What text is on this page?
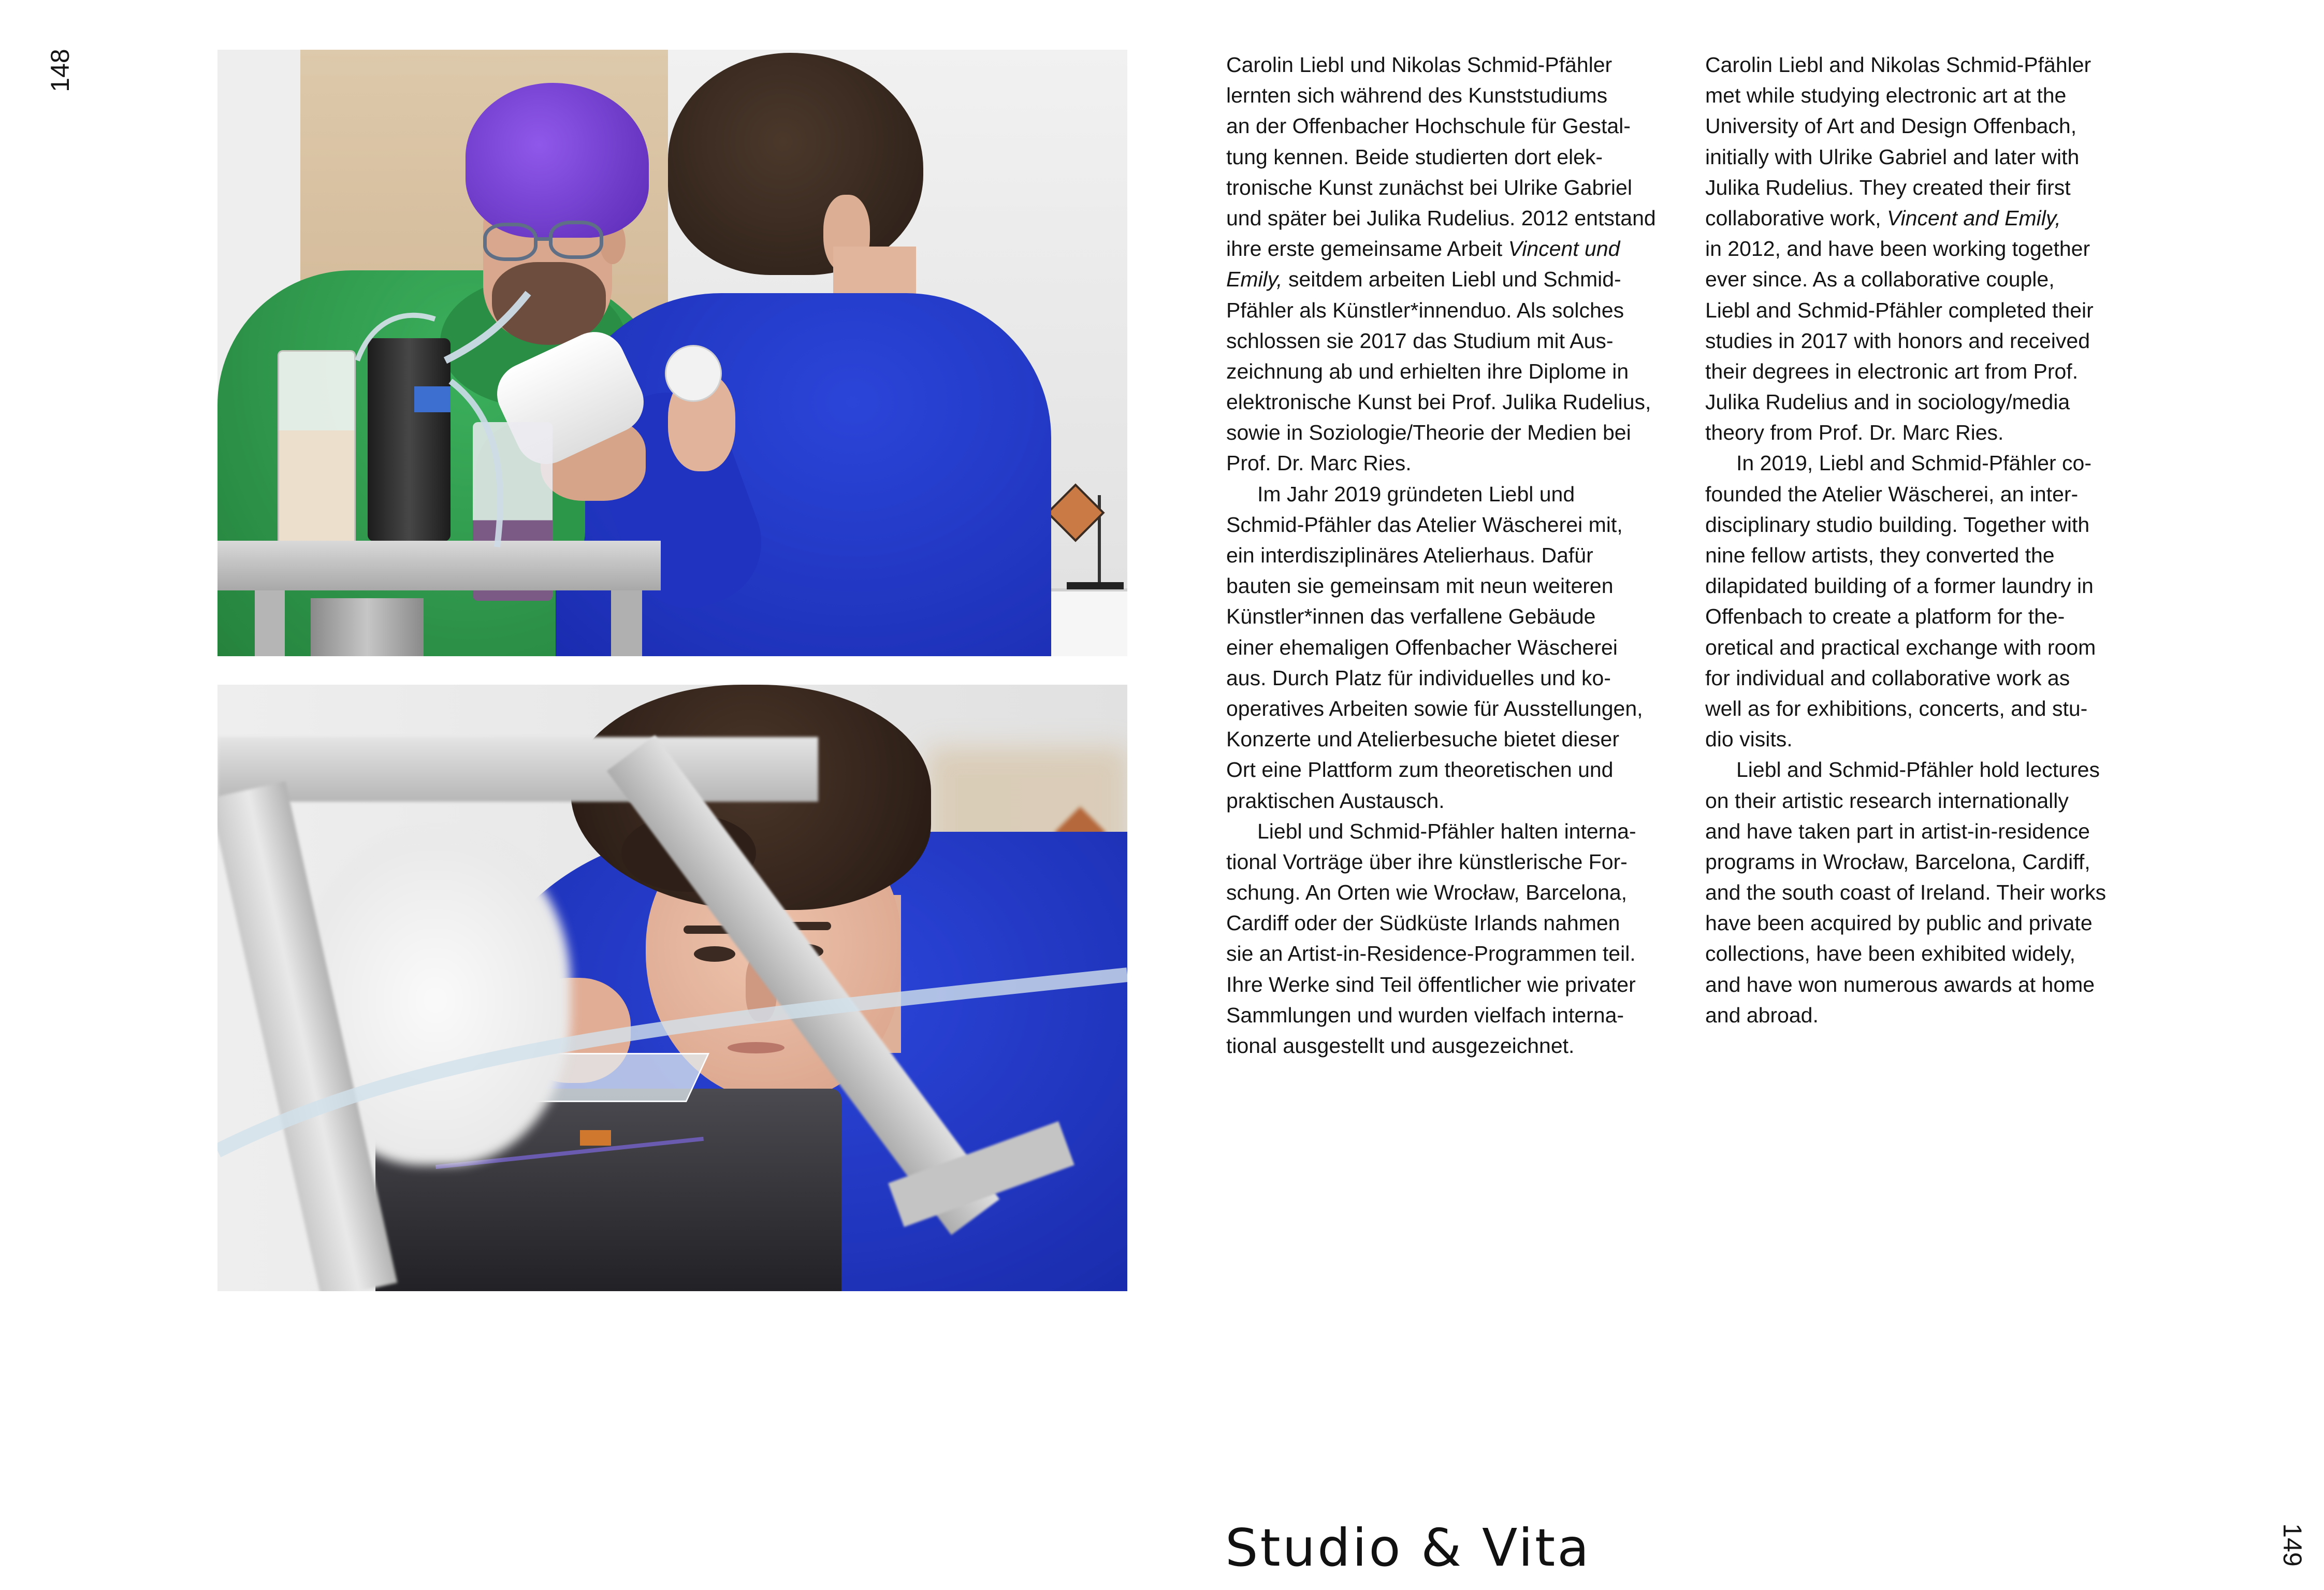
148
149
Carolin Liebl und Nikolas Schmid-Pfähler
lernten sich während des Kunststudiums
an der Offenbacher Hochschule für Gestal-
tung kennen. Beide studierten dort elek-
tronische Kunst zunächst bei Ulrike Gabriel
und später bei Julika Rudelius. 2012 entstand
ihre erste gemeinsame Arbeit Vincent und
Emily, seitdem arbeiten Liebl und Schmid-
Pfähler als Künstler*innenduo. Als solches
schlossen sie 2017 das Studium mit Aus-
zeichnung ab und erhielten ihre Diplome in
elektronische Kunst bei Prof. Julika Rudelius,
sowie in Soziologie/Theorie der Medien bei
Prof. Dr. Marc Ries.
Im Jahr 2019 gründeten Liebl und
Schmid-Pfähler das Atelier Wäscherei mit,
ein interdisziplinäres Atelierhaus. Dafür
bauten sie gemeinsam mit neun weiteren
Künstler*innen das verfallene Gebäude
einer ehemaligen Offenbacher Wäscherei
aus. Durch Platz für individuelles und ko-
operatives Arbeiten sowie für Ausstellungen,
Konzerte und Atelierbesuche bietet dieser
Ort eine Plattform zum theoretischen und
praktischen Austausch.
Liebl und Schmid-Pfähler halten interna-
tional Vorträge über ihre künstlerische For-
schung. An Orten wie Wrocław, Barcelona,
Cardiff oder der Südküste Irlands nahmen
sie an Artist-in-Residence-Programmen teil.
Ihre Werke sind Teil öffentlicher wie privater
Sammlungen und wurden vielfach interna-
tional ausgestellt und ausgezeichnet.
Carolin Liebl and Nikolas Schmid-Pfähler
met while studying electronic art at the
University of Art and Design Offenbach,
initially with Ulrike Gabriel and later with
Julika Rudelius. They created their first
collaborative work, Vincent and Emily,
in 2012, and have been working together
ever since. As a collaborative couple,
Liebl and Schmid-Pfähler completed their
studies in 2017 with honors and received
their degrees in electronic art from Prof.
Julika Rudelius and in sociology/media
theory from Prof. Dr. Marc Ries.
In 2019, Liebl and Schmid-Pfähler co-
founded the Atelier Wäscherei, an inter-
disciplinary studio building. Together with
nine fellow artists, they converted the
dilapidated building of a former laundry in
Offenbach to create a platform for the-
oretical and practical exchange with room
for individual and collaborative work as
well as for exhibitions, concerts, and stu-
dio visits.
Liebl and Schmid-Pfähler hold lectures
on their artistic research internationally
and have taken part in artist-in-residence
programs in Wrocław, Barcelona, Cardiff,
and the south coast of Ireland. Their works
have been acquired by public and private
collections, have been exhibited widely,
and have won numerous awards at home
and abroad.
Studio & Vita
